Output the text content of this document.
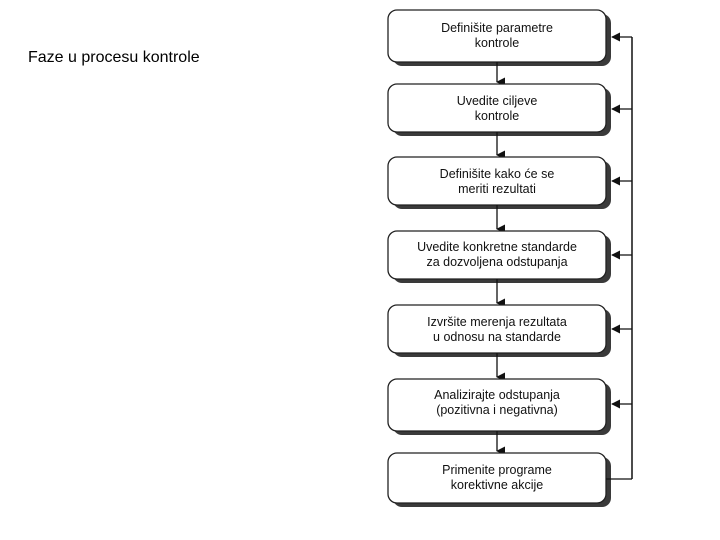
Faze u procesu kontrole
Definišite parametre
kontrole
Uvedite ciljeve
kontrole
Definišite kako će se
meriti rezultati
Uvedite konkretne standarde
za dozvoljena odstupanja
Izvršite merenja rezultata
u odnosu na standarde
Analizirajte odstupanja
(pozitivna i negativna)
Primenite programe
korektivne akcije
